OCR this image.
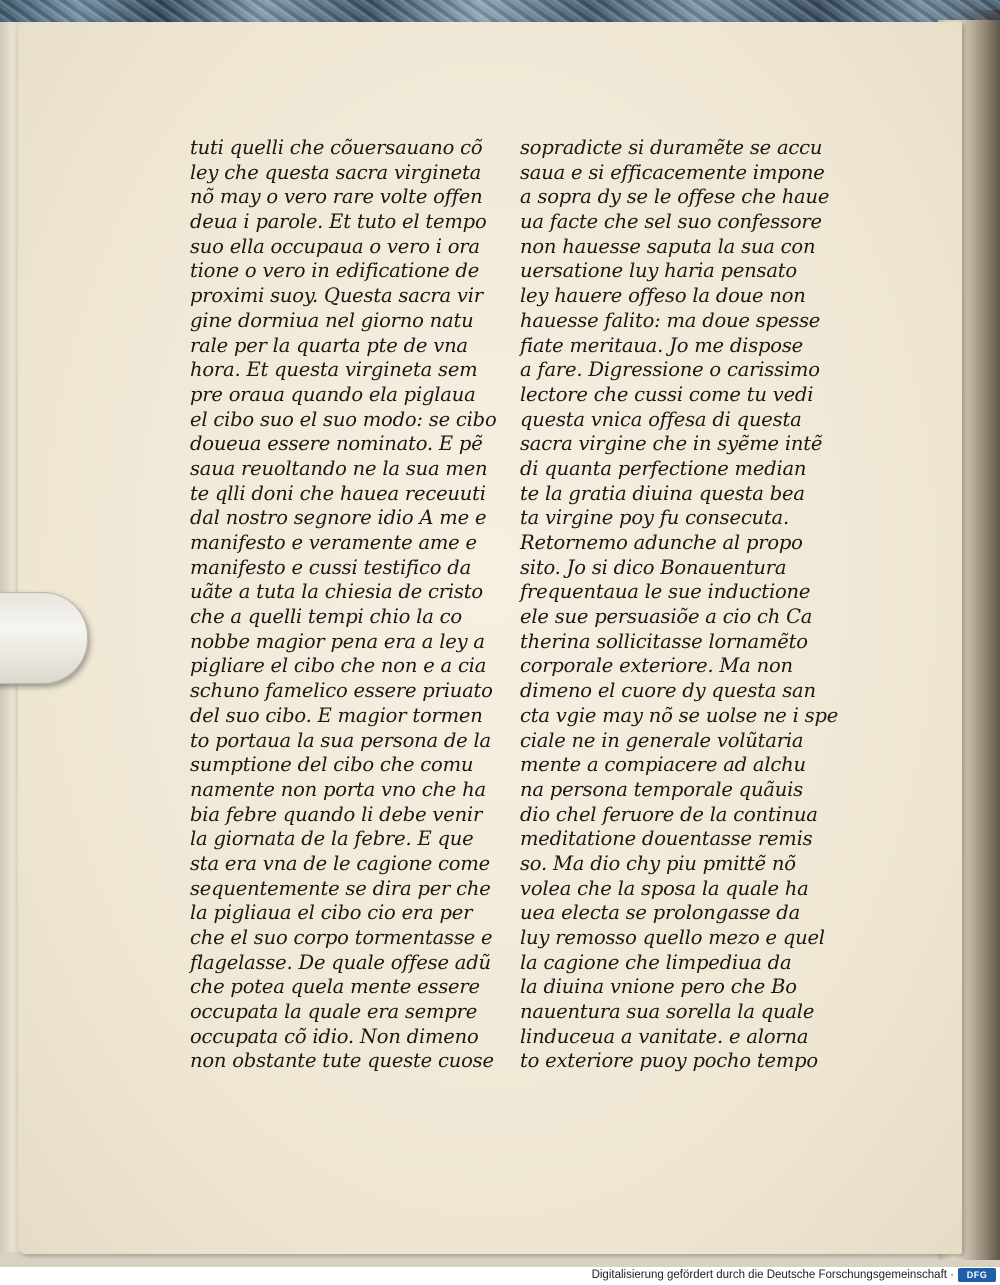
tuti quelli che cõuersauano cõ
ley che questa sacra virgineta
nõ may o vero rare volte offen
deua i parole. Et tuto el tempo
suo ella occupaua o vero i ora
tione o vero in edificatione de
proximi suoy. Questa sacra vir
gine dormiua nel giorno natu
rale per la quarta pte de vna
hora. Et questa virgineta sem
pre oraua quando ela piglaua
el cibo suo el suo modo: se cibo
doueua essere nominato. E pẽ
saua reuoltando ne la sua men
te qlli doni che hauea receuuti
dal nostro segnore idio A me e
manifesto e veramente ame e
manifesto e cussi testifico da
uãte a tuta la chiesia de cristo
che a quelli tempi chio la co
nobbe magior pena era a ley a
pigliare el cibo che non e a cia
schuno famelico essere priuato
del suo cibo. E magior tormen
to portaua la sua persona de la
sumptione del cibo che comu
namente non porta vno che ha
bia febre quando li debe venir
la giornata de la febre. E que
sta era vna de le cagione come
sequentemente se dira per che
la pigliaua el cibo cio era per
che el suo corpo tormentasse e
flagelasse. De quale offese adũ
che potea quela mente essere
occupata la quale era sempre
occupata cõ idio. Non dimeno
non obstante tute queste cuose
sopradicte si duramẽte se accu
saua e si efficacemente impone
a sopra dy se le offese che haue
ua facte che sel suo confessore
non hauesse saputa la sua con
uersatione luy haria pensato
ley hauere offeso la doue non
hauesse falito: ma doue spesse
fiate meritaua. Jo me dispose
a fare. Digressione o carissimo
lectore che cussi come tu vedi
questa vnica offesa di questa
sacra virgine che in syẽme intẽ
di quanta perfectione median
te la gratia diuina questa bea
ta virgine poy fu consecuta.
Retornemo adunche al propo
sito. Jo si dico Bonauentura
frequentaua le sue inductione
ele sue persuasiõe a cio ch Ca
therina sollicitasse lornamẽto
corporale exteriore. Ma non
dimeno el cuore dy questa san
cta vgie may nõ se uolse ne i spe
ciale ne in generale volũtaria
mente a compiacere ad alchu
na persona temporale quãuis
dio chel feruore de la continua
meditatione douentasse remis
so. Ma dio chy piu pmittẽ nõ
volea che la sposa la quale ha
uea electa se prolongasse da
luy remosso quello mezo e quel
la cagione che limpediua da
la diuina vnione pero che Bo
nauentura sua sorella la quale
linduceua a vanitate. e alorna
to exteriore puoy pocho tempo
Digitalisierung gefördert durch die Deutsche Forschungsgemeinschaft ·	DFG
